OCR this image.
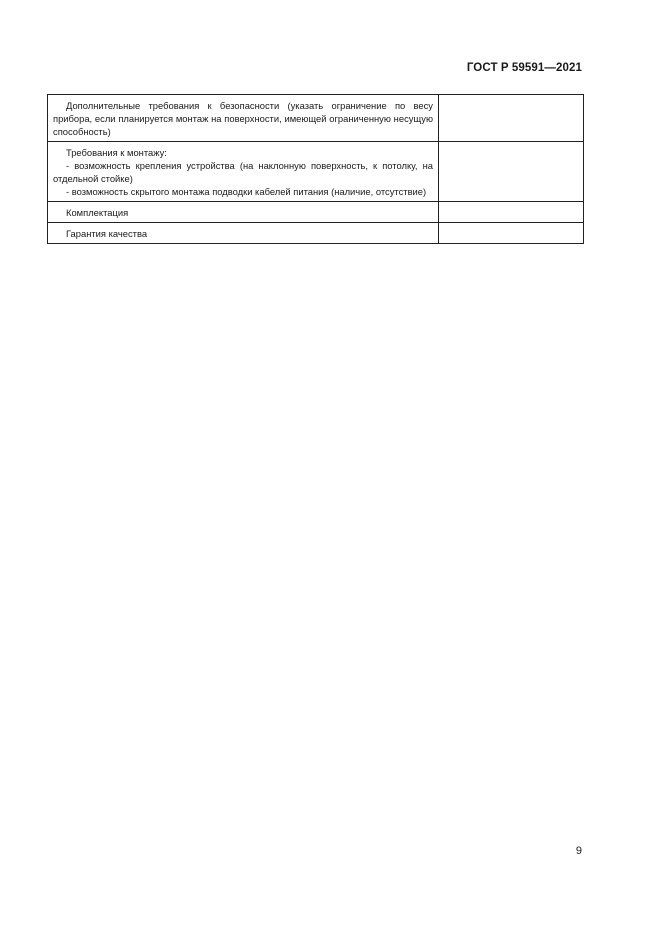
ГОСТ Р 59591—2021
Дополнительные требования к безопасности (указать ограничение по весу прибора, если планируется монтаж на поверхности, имеющей ограниченную несущую способность)	

Требования к монтажу:
- возможность крепления устройства (на наклонную поверхность, к потолку, на отдельной стойке)
- возможность скрытого монтажа подводки кабелей питания (наличие, отсутствие)	

Комплектация	

Гарантия качества	

9
